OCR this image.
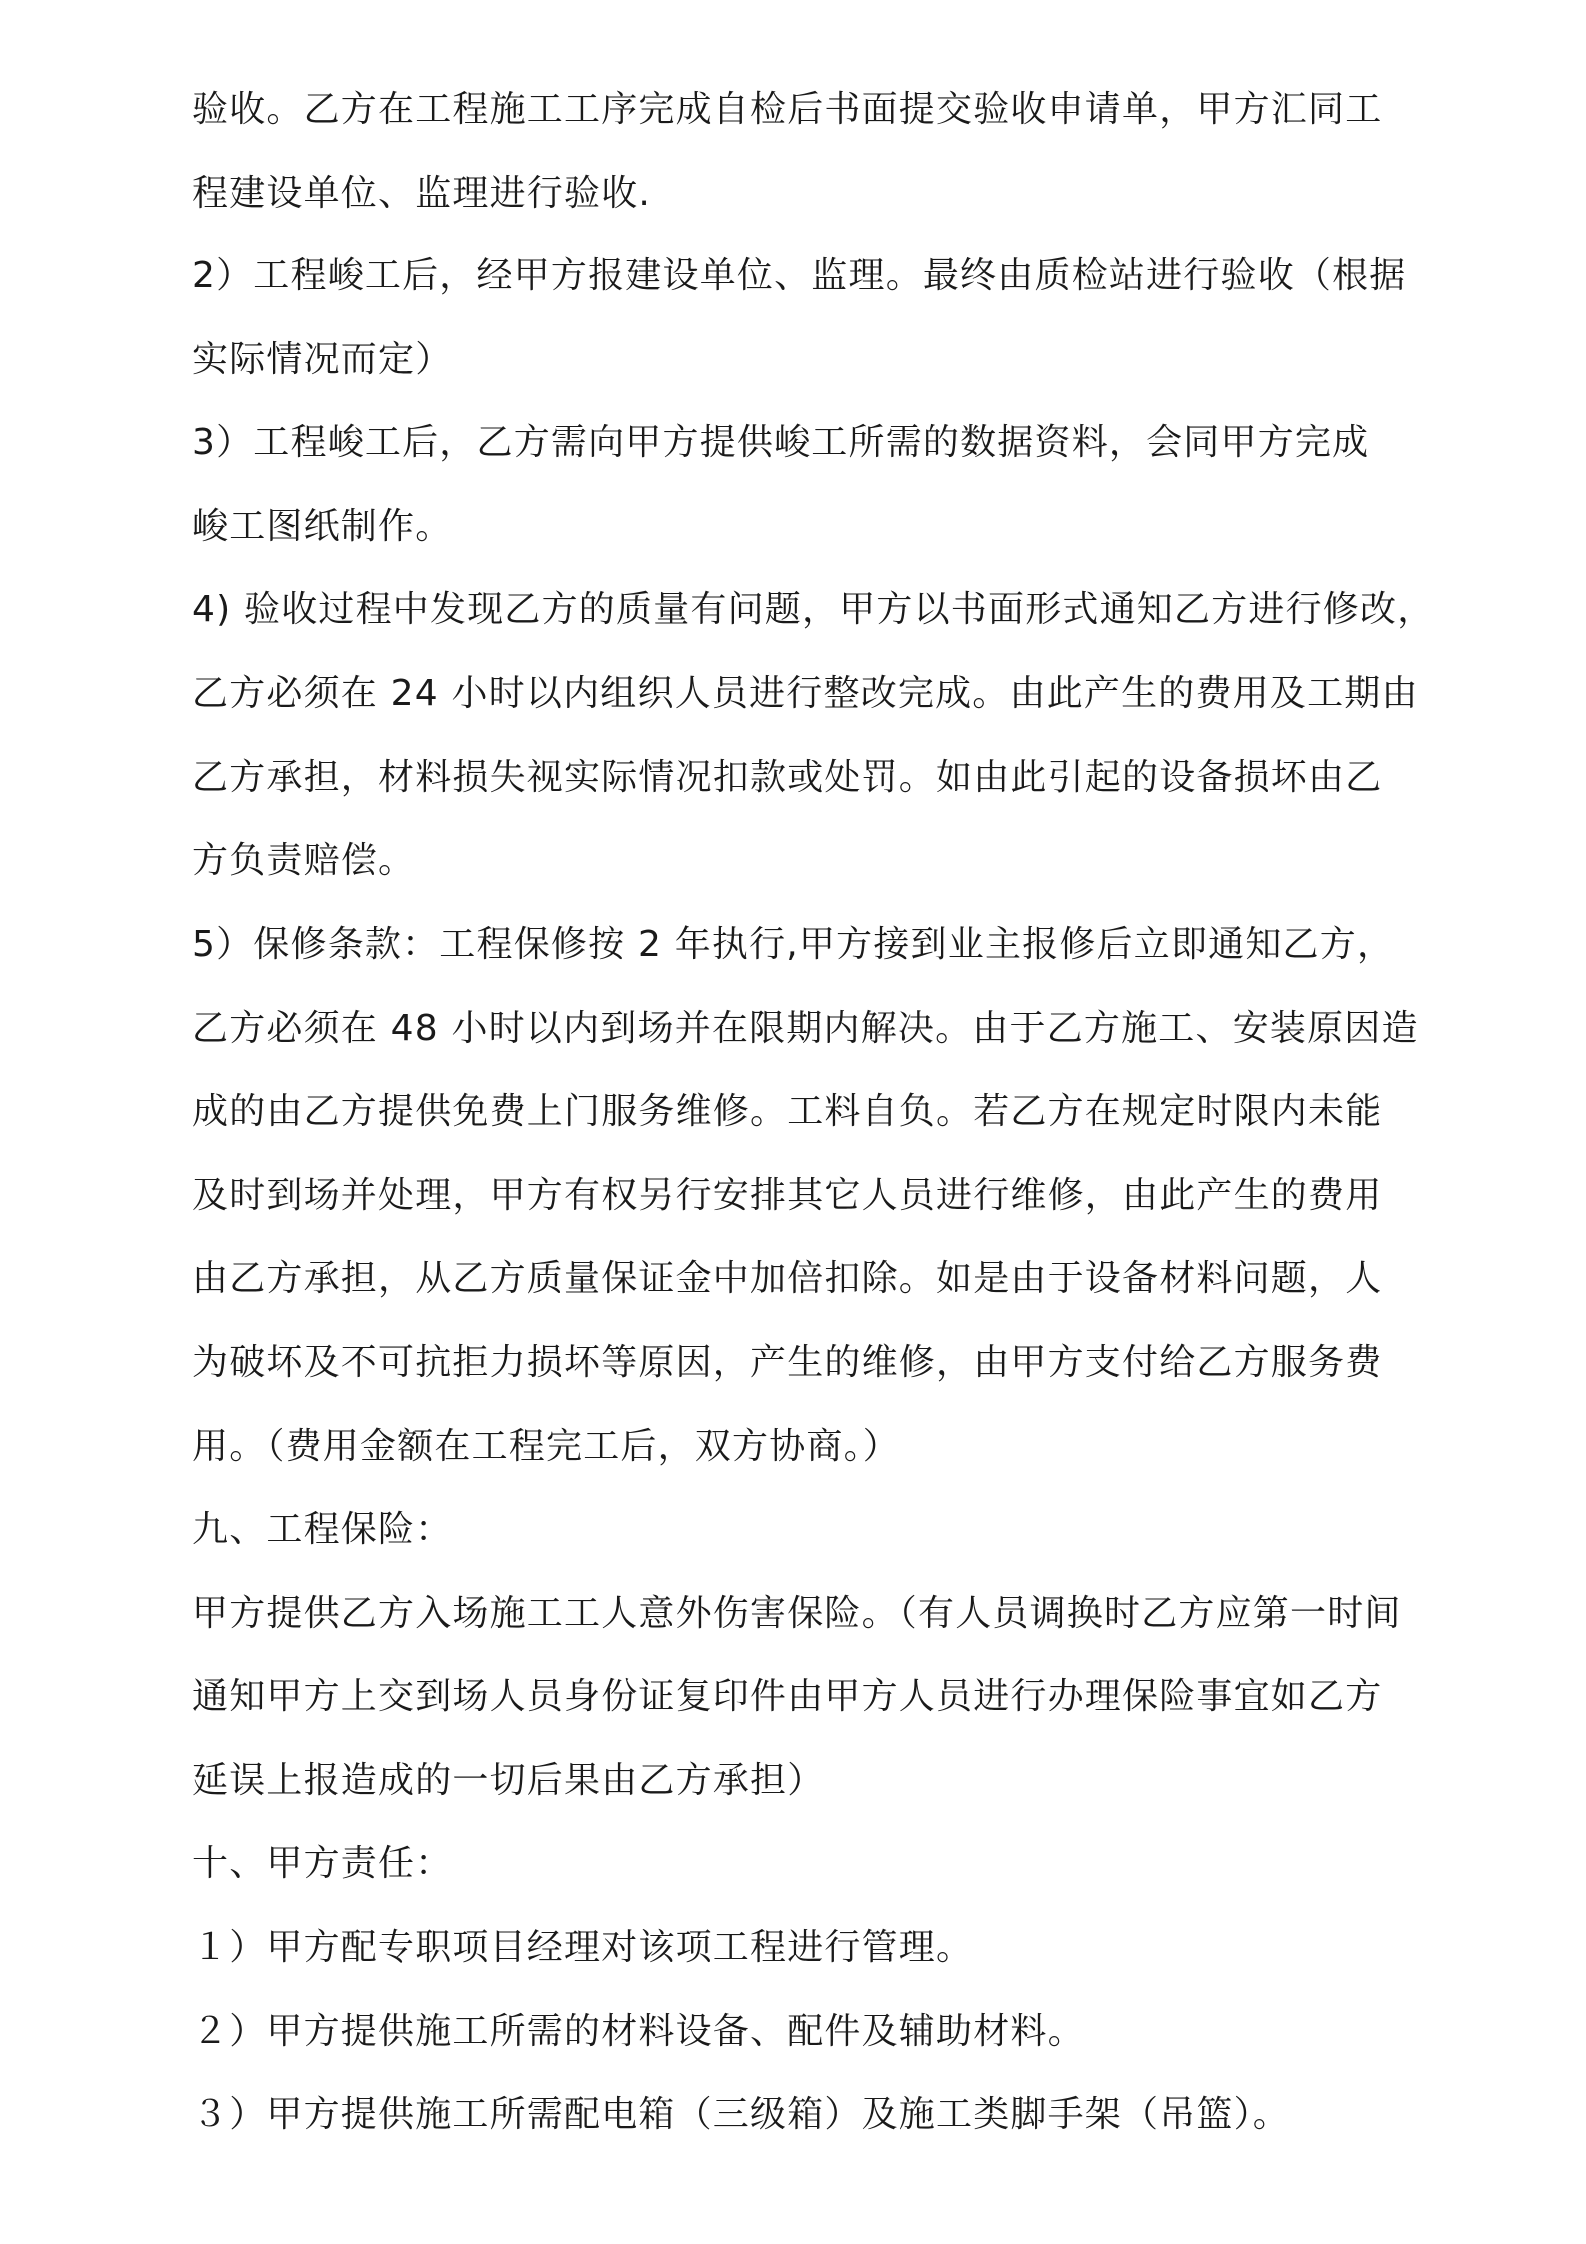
验收。乙方在工程施工工序完成自检后书面提交验收申请单，甲方汇同工
程建设单位、监理进行验收.
2）工程峻工后，经甲方报建设单位、监理。最终由质检站进行验收（根据
实际情况而定）
3）工程峻工后，乙方需向甲方提供峻工所需的数据资料，会同甲方完成
峻工图纸制作。
4) 验收过程中发现乙方的质量有问题，甲方以书面形式通知乙方进行修改，
乙方必须在 24 小时以内组织人员进行整改完成。由此产生的费用及工期由
乙方承担，材料损失视实际情况扣款或处罚。如由此引起的设备损坏由乙
方负责赔偿。
5）保修条款：工程保修按 2 年执行,甲方接到业主报修后立即通知乙方，
乙方必须在 48 小时以内到场并在限期内解决。由于乙方施工、安装原因造
成的由乙方提供免费上门服务维修。工料自负。若乙方在规定时限内未能
及时到场并处理，甲方有权另行安排其它人员进行维修，由此产生的费用
由乙方承担，从乙方质量保证金中加倍扣除。如是由于设备材料问题，人
为破坏及不可抗拒力损坏等原因，产生的维修，由甲方支付给乙方服务费
用。（费用金额在工程完工后，双方协商。）
九、工程保险：
甲方提供乙方入场施工工人意外伤害保险。（有人员调换时乙方应第一时间
通知甲方上交到场人员身份证复印件由甲方人员进行办理保险事宜如乙方
延误上报造成的一切后果由乙方承担）
十、甲方责任：
１）甲方配专职项目经理对该项工程进行管理。
２）甲方提供施工所需的材料设备、配件及辅助材料。
３）甲方提供施工所需配电箱（三级箱）及施工类脚手架（吊篮）。
